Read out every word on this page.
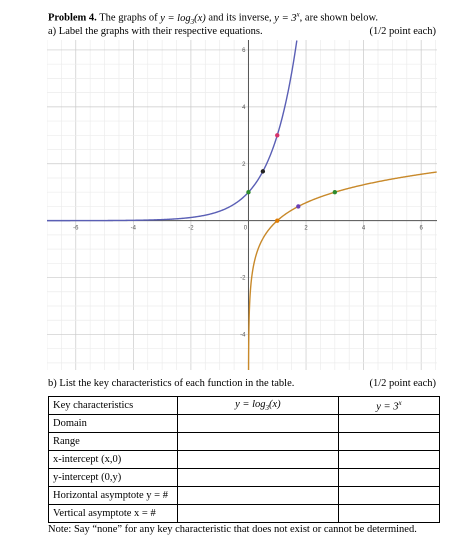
Problem 4. The graphs of $y = \log_3(x)$ and its inverse, $y = 3^x$, are shown below.
a) Label the graphs with their respective equations.	(1/2 point each)
-6	-4	-2	0	2	4	6
6
4
2
-2
-4
b) List the key characteristics of each function in the table.	(1/2 point each)
Key characteristics	$y = \log_3(x)$	$y = 3^x$
Domain		
Range		
x-intercept (x,0)		
y-intercept (0,y)		
Horizontal asymptote y = #		
Vertical asymptote x = #		
Note: Say “none” for any key characteristic that does not exist or cannot be determined.
